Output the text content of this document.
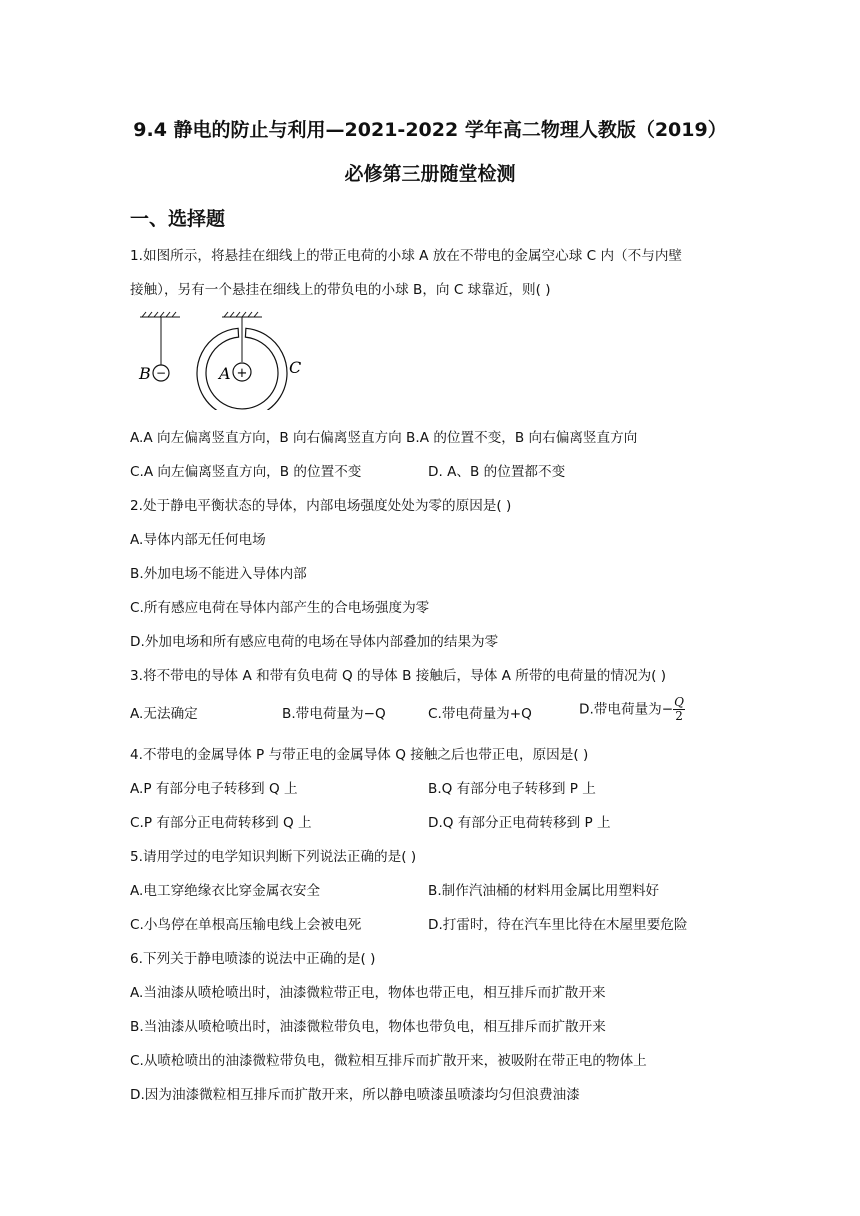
9.4 静电的防止与利用—2021-2022 学年高二物理人教版（2019）
必修第三册随堂检测
一、选择题
1.如图所示，将悬挂在细线上的带正电荷的小球 A 放在不带电的金属空心球 C 内（不与内壁
接触），另有一个悬挂在细线上的带负电的小球 B，向 C 球靠近，则( )
−
B	+
A	C
A.A 向左偏离竖直方向，B 向右偏离竖直方向 B.A 的位置不变，B 向右偏离竖直方向
C.A 向左偏离竖直方向，B 的位置不变	D. A、B 的位置都不变
2.处于静电平衡状态的导体，内部电场强度处处为零的原因是( )
A.导体内部无任何电场
B.外加电场不能进入导体内部
C.所有感应电荷在导体内部产生的合电场强度为零
D.外加电场和所有感应电荷的电场在导体内部叠加的结果为零
3.将不带电的导体 A 和带有负电荷 Q 的导体 B 接触后，导体 A 所带的电荷量的情况为( )
A.无法确定	B.带电荷量为−Q	C.带电荷量为+Q	D.带电荷量为− $\frac{Q}{2}$
4.不带电的金属导体 P 与带正电的金属导体 Q 接触之后也带正电，原因是( )
A.P 有部分电子转移到 Q 上	B.Q 有部分电子转移到 P 上
C.P 有部分正电荷转移到 Q 上	D.Q 有部分正电荷转移到 P 上
5.请用学过的电学知识判断下列说法正确的是( )
A.电工穿绝缘衣比穿金属衣安全	B.制作汽油桶的材料用金属比用塑料好
C.小鸟停在单根高压输电线上会被电死	D.打雷时，待在汽车里比待在木屋里要危险
6.下列关于静电喷漆的说法中正确的是( )
A.当油漆从喷枪喷出时，油漆微粒带正电，物体也带正电，相互排斥而扩散开来
B.当油漆从喷枪喷出时，油漆微粒带负电，物体也带负电，相互排斥而扩散开来
C.从喷枪喷出的油漆微粒带负电，微粒相互排斥而扩散开来，被吸附在带正电的物体上
D.因为油漆微粒相互排斥而扩散开来，所以静电喷漆虽喷漆均匀但浪费油漆
